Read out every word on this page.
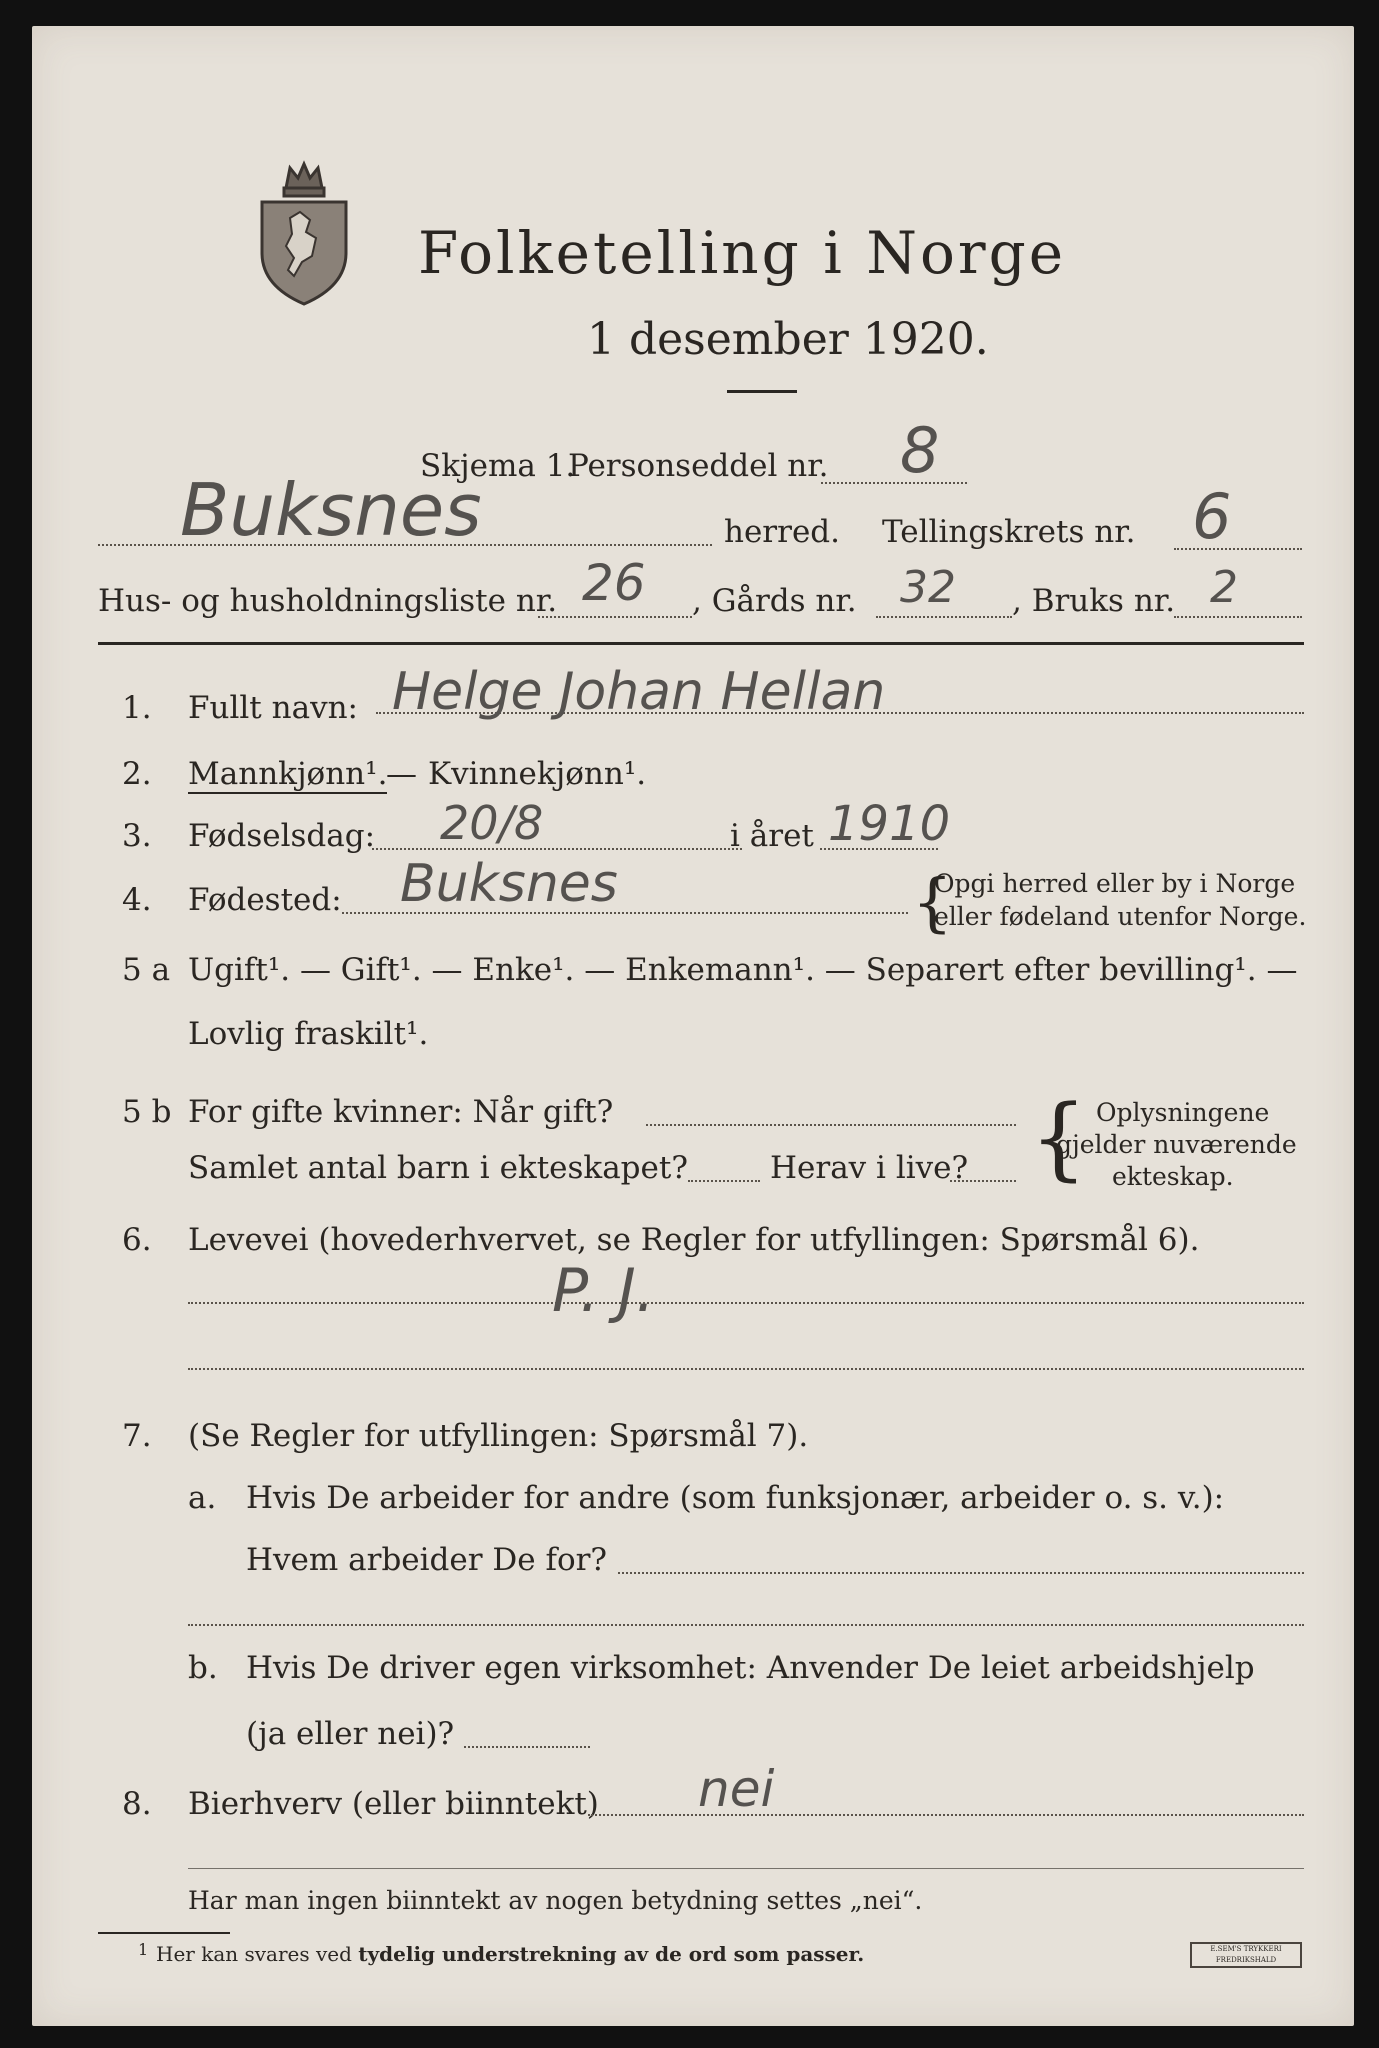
Folketelling i Norge
1 desember 1920.
Skjema 1.
Personseddel nr. 8
Buksnes	herred. Tellingskrets nr. 6
Hus- og husholdningsliste nr. 26 , Gårds nr. 32 , Bruks nr. 2
1. Fullt navn: Helge Johan Hellan
2. Mannkjønn¹.
— Kvinnekjønn¹.
3. Fødselsdag: 20/8	i året 1910
4. Fødested: Buksnes	{
Opgi herred eller by i Norge
eller fødeland utenfor Norge.
5 a Ugift¹. — Gift¹. — Enke¹. — Enkemann¹. — Separert efter bevilling¹. —
Lovlig fraskilt¹.
5 b For gifte kvinner: Når gift?
Samlet antal barn i ekteskapet?	Herav i live? { Oplysningene
gjelder nuværende
ekteskap.
6. Levevei (hovederhvervet, se Regler for utfyllingen: Spørsmål 6).
P. J.
7. (Se Regler for utfyllingen: Spørsmål 7).
a. Hvis De arbeider for andre (som funksjonær, arbeider o. s. v.):
Hvem arbeider De for?
b. Hvis De driver egen virksomhet: Anvender De leiet arbeidshjelp
(ja eller nei)?
8. Bierhverv (eller biinntekt) nei
Har man ingen biinntekt av nogen betydning settes „nei“.
1 Her kan svares ved tydelig understrekning av de ord som passer.	E.SEM'S TRYKKERI FREDRIKSHALD
